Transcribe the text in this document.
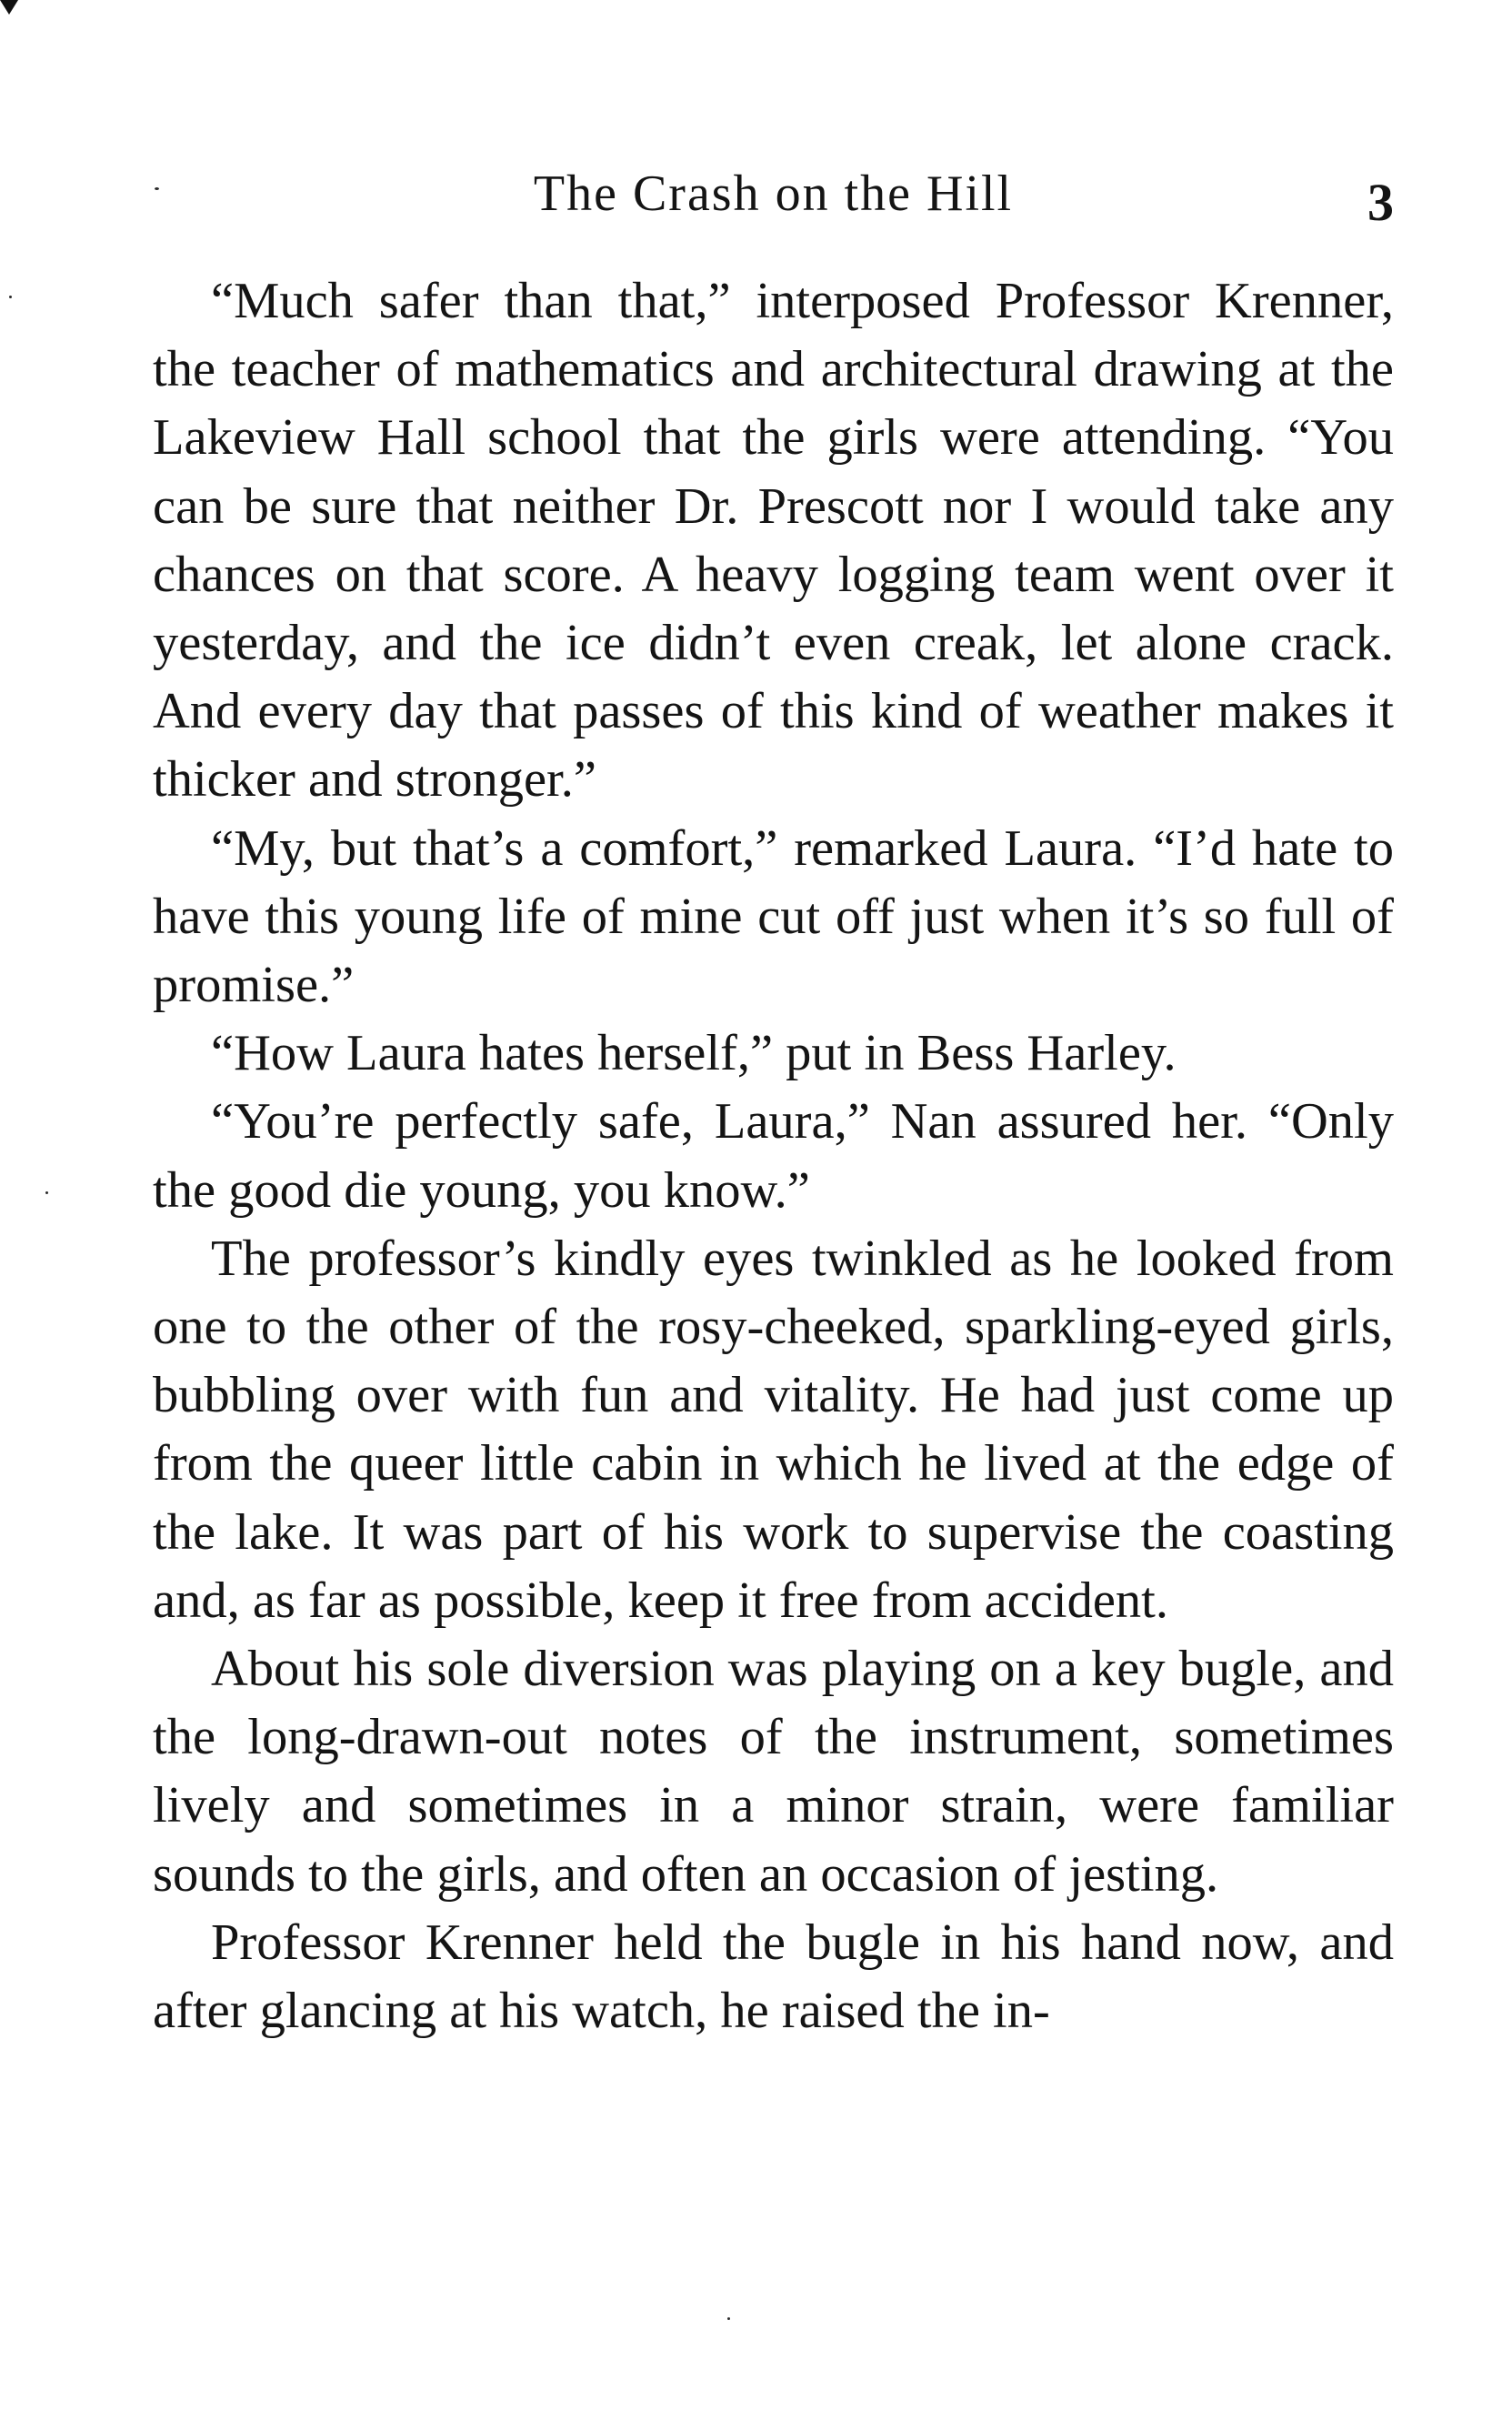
The Crash on the Hill	3

“Much safer than that,” interposed Professor Krenner, the teacher of mathematics and architectural drawing at the Lakeview Hall school that the girls were attending. “You can be sure that neither Dr. Prescott nor I would take any chances on that score. A heavy logging team went over it yesterday, and the ice didn’t even creak, let alone crack. And every day that passes of this kind of weather makes it thicker and stronger.”

“My, but that’s a comfort,” remarked Laura. “I’d hate to have this young life of mine cut off just when it’s so full of promise.”

“How Laura hates herself,” put in Bess Harley.

“You’re perfectly safe, Laura,” Nan assured her. “Only the good die young, you know.”

The professor’s kindly eyes twinkled as he looked from one to the other of the rosy-cheeked, sparkling-eyed girls, bubbling over with fun and vitality. He had just come up from the queer little cabin in which he lived at the edge of the lake. It was part of his work to supervise the coasting and, as far as possible, keep it free from accident.

About his sole diversion was playing on a key bugle, and the long-drawn-out notes of the instrument, sometimes lively and sometimes in a minor strain, were familiar sounds to the girls, and often an occasion of jesting.

Professor Krenner held the bugle in his hand now, and after glancing at his watch, he raised the in-
